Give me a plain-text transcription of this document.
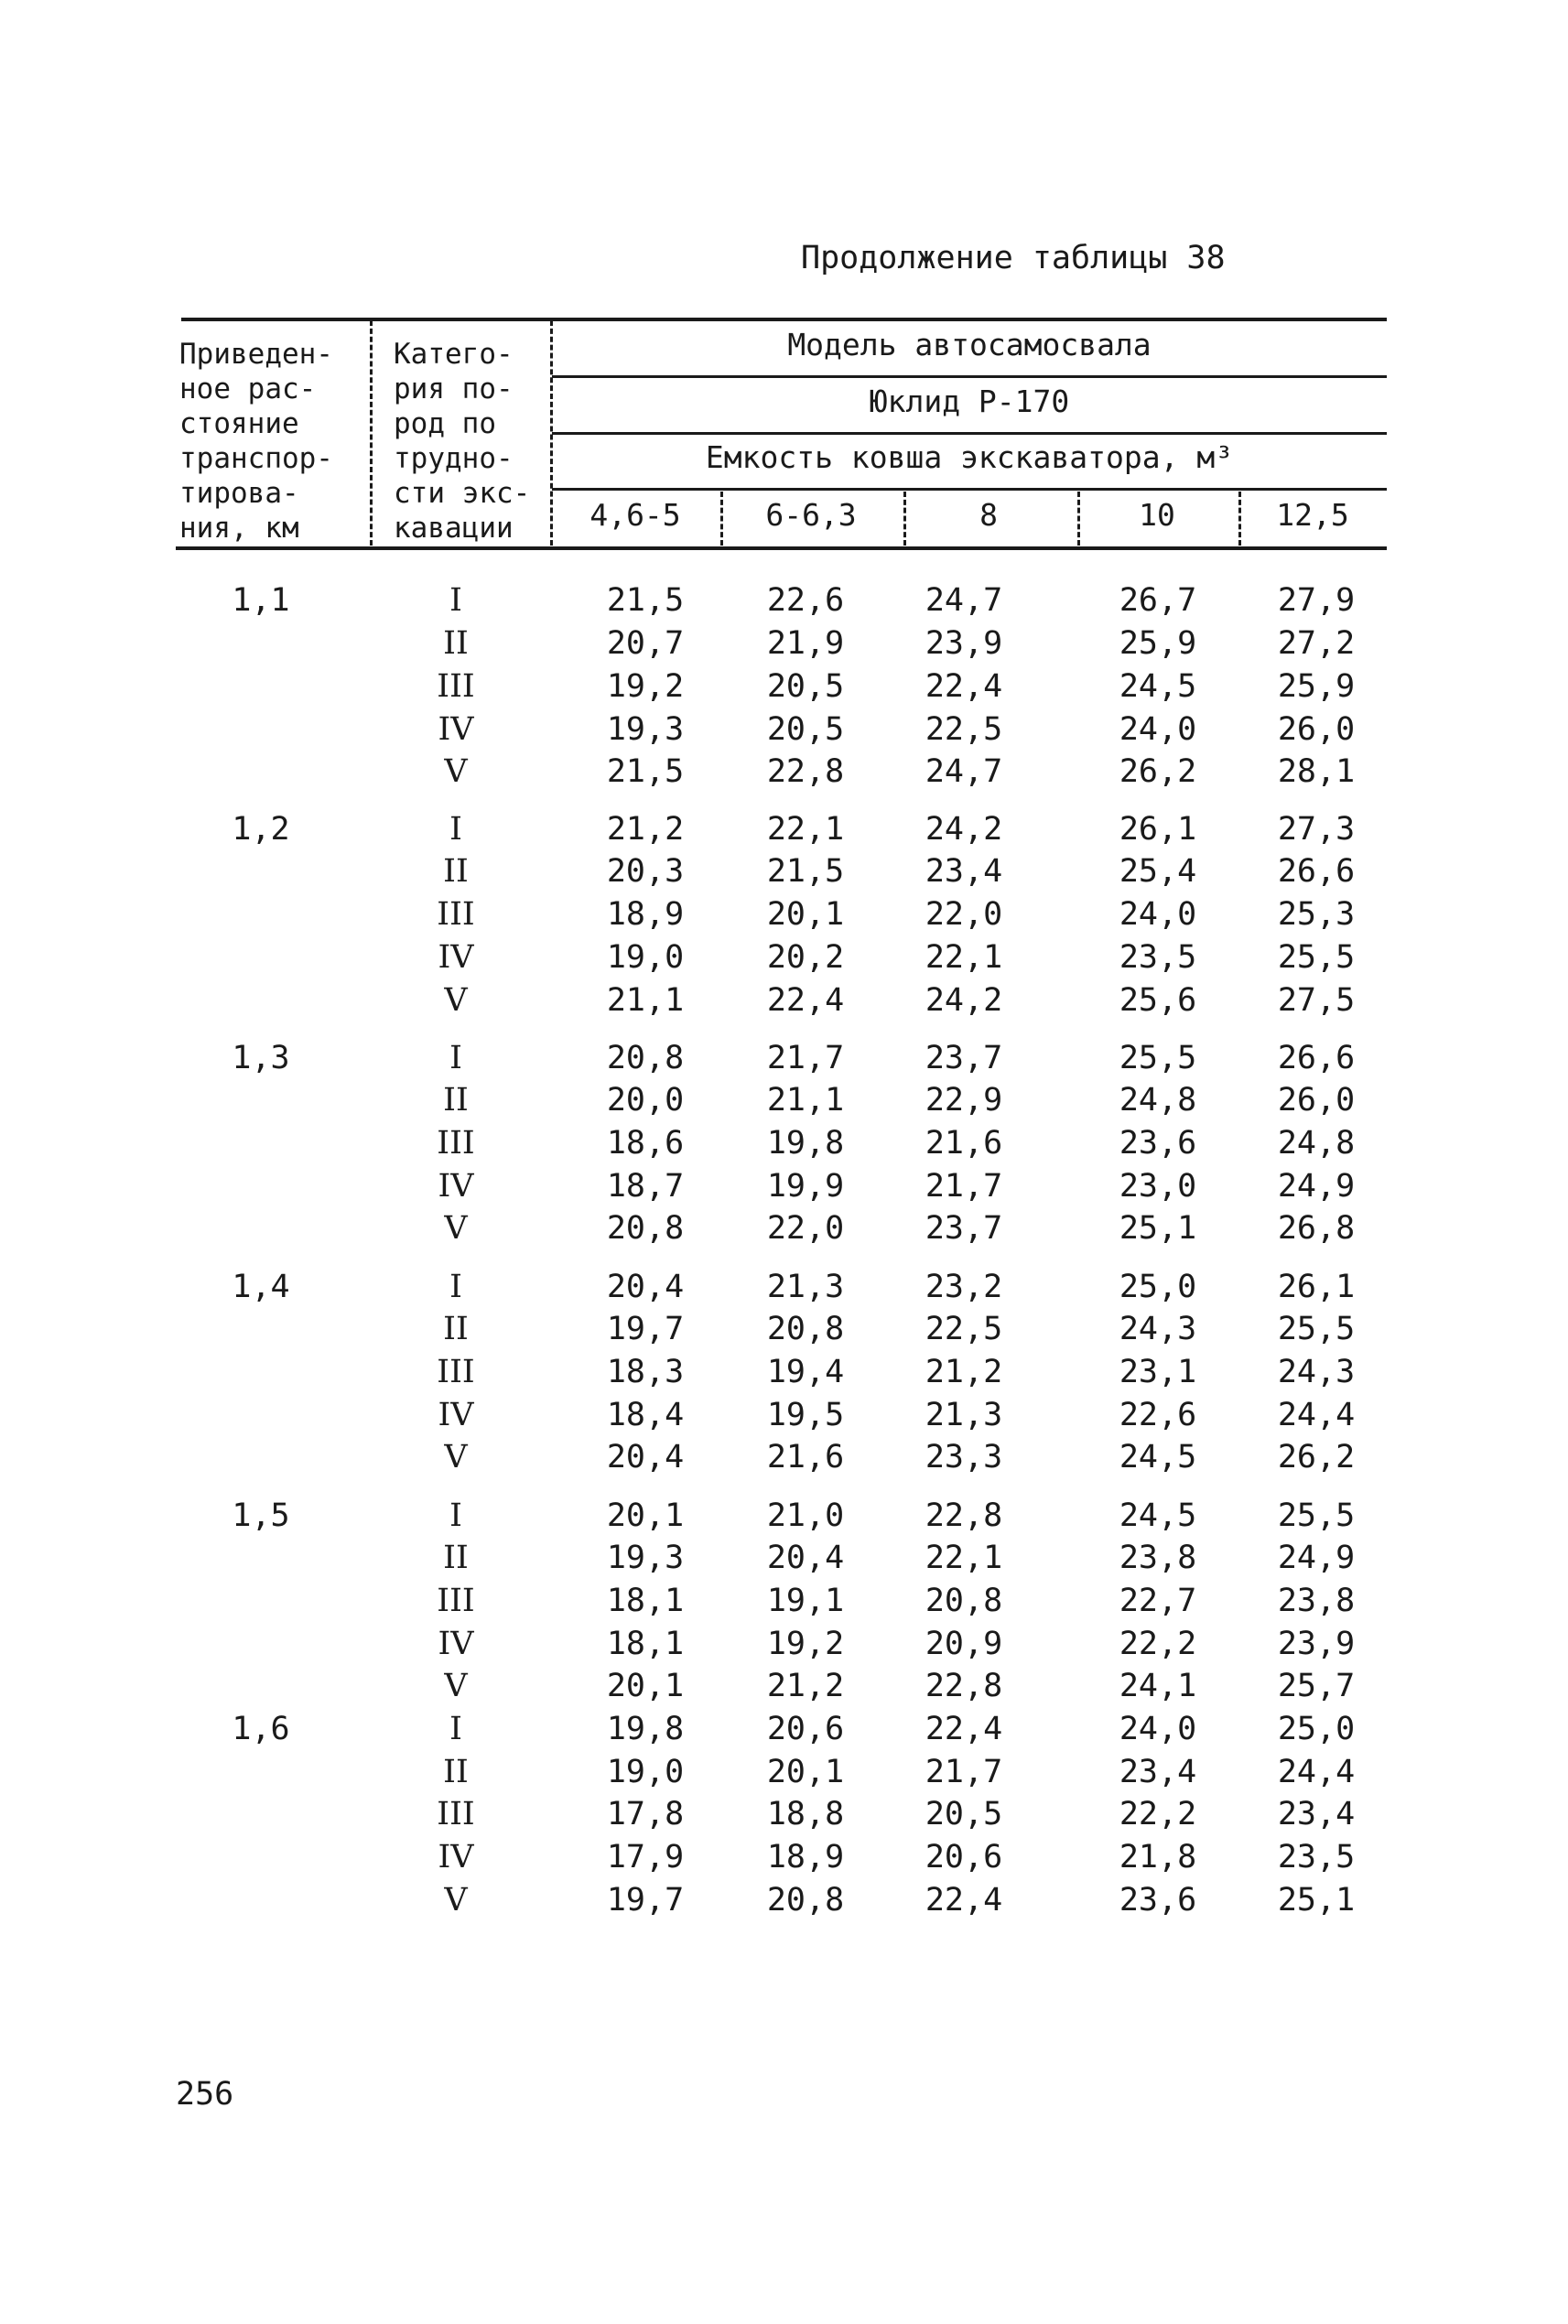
Продолжение таблицы 38
Приведен-
ное рас-
стояние
транспор-
тирова-
ния, км
Катего-
рия по-
род по
трудно-
сти экс-
кавации
Модель автосамосвала
Юклид Р-170
Емкость ковша экскаватора, м³
4,6-5	6-6,3	8	10	12,5
1,1	I	21,5	22,6	24,7	26,7	27,9
II	20,7	21,9	23,9	25,9	27,2
III	19,2	20,5	22,4	24,5	25,9
IV	19,3	20,5	22,5	24,0	26,0
V	21,5	22,8	24,7	26,2	28,1
1,2	I	21,2	22,1	24,2	26,1	27,3
II	20,3	21,5	23,4	25,4	26,6
III	18,9	20,1	22,0	24,0	25,3
IV	19,0	20,2	22,1	23,5	25,5
V	21,1	22,4	24,2	25,6	27,5
1,3	I	20,8	21,7	23,7	25,5	26,6
II	20,0	21,1	22,9	24,8	26,0
III	18,6	19,8	21,6	23,6	24,8
IV	18,7	19,9	21,7	23,0	24,9
V	20,8	22,0	23,7	25,1	26,8
1,4	I	20,4	21,3	23,2	25,0	26,1
II	19,7	20,8	22,5	24,3	25,5
III	18,3	19,4	21,2	23,1	24,3
IV	18,4	19,5	21,3	22,6	24,4
V	20,4	21,6	23,3	24,5	26,2
1,5	I	20,1	21,0	22,8	24,5	25,5
II	19,3	20,4	22,1	23,8	24,9
III	18,1	19,1	20,8	22,7	23,8
IV	18,1	19,2	20,9	22,2	23,9
V	20,1	21,2	22,8	24,1	25,7
1,6	I	19,8	20,6	22,4	24,0	25,0
II	19,0	20,1	21,7	23,4	24,4
III	17,8	18,8	20,5	22,2	23,4
IV	17,9	18,9	20,6	21,8	23,5
V	19,7	20,8	22,4	23,6	25,1
256
